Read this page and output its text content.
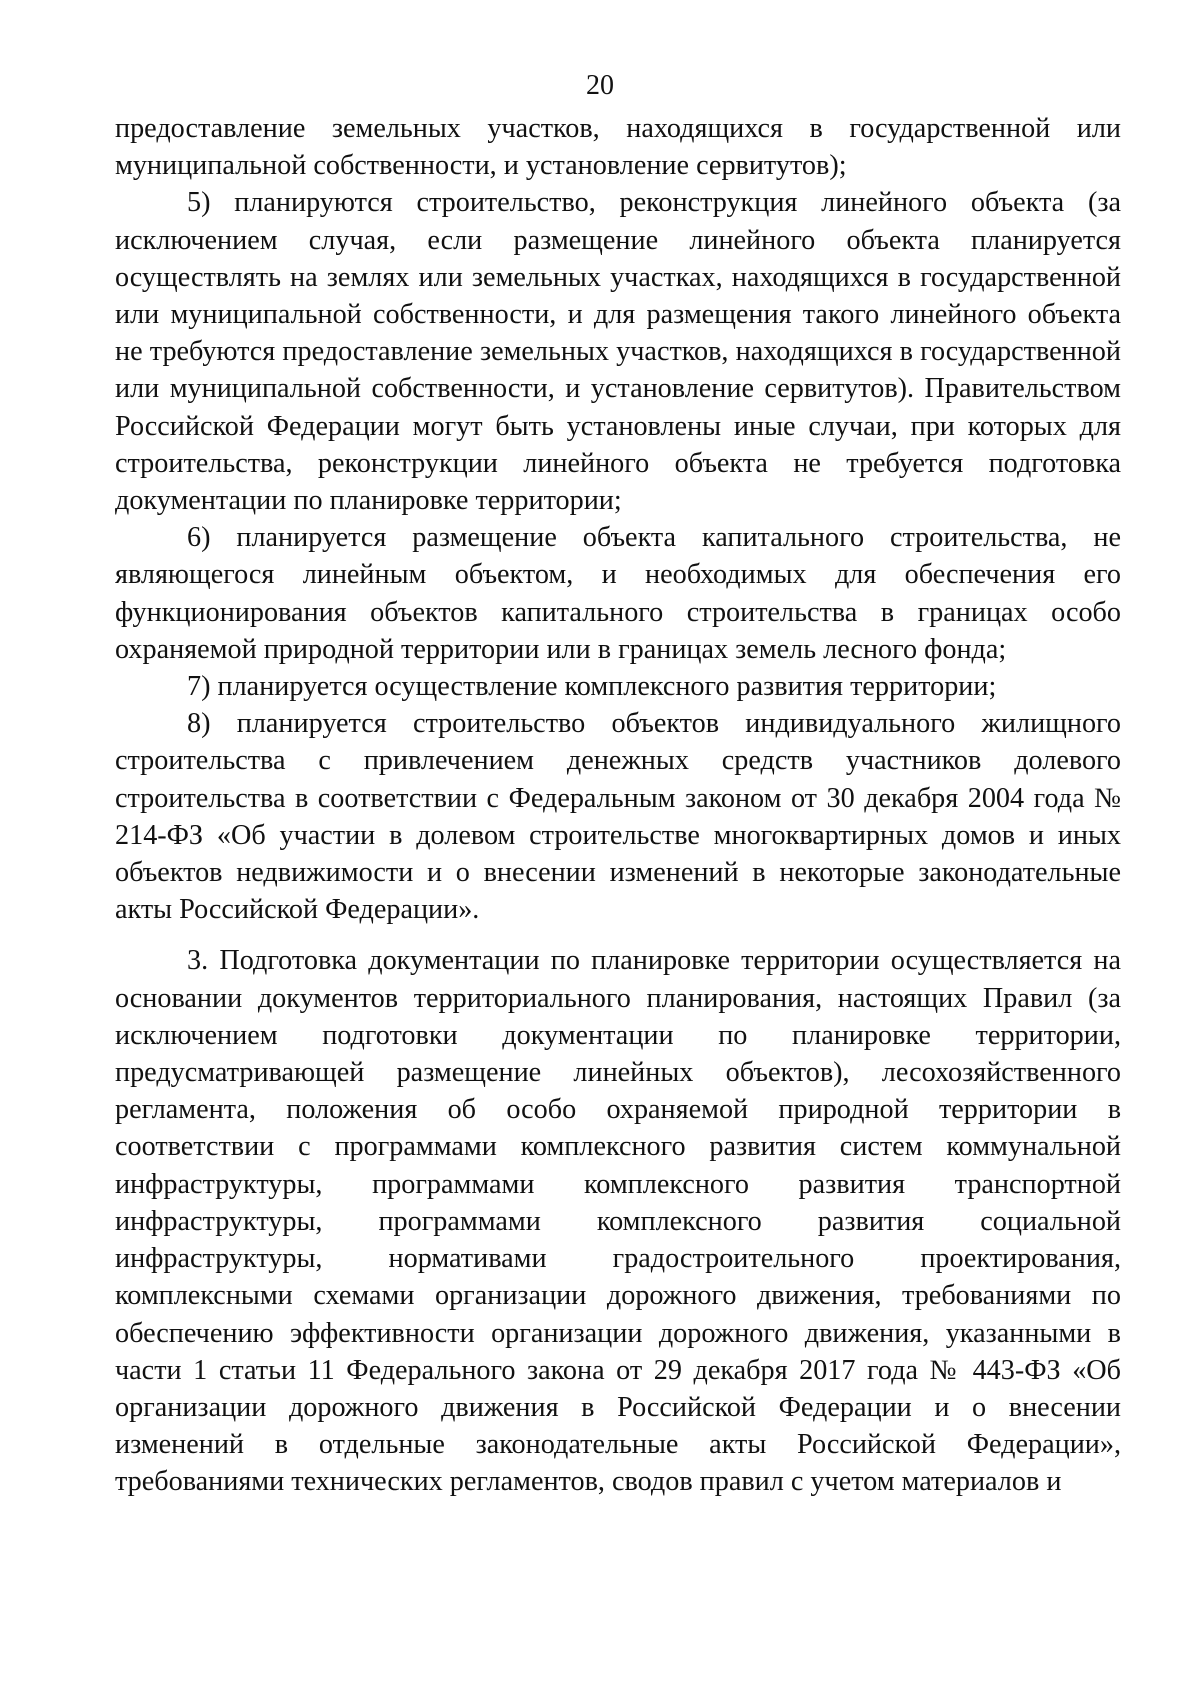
20

предоставление земельных участков, находящихся в государственной или муниципальной собственности, и установление сервитутов);

5) планируются строительство, реконструкция линейного объекта (за исключением случая, если размещение линейного объекта планируется осуществлять на землях или земельных участках, находящихся в государственной или муниципальной собственности, и для размещения такого линейного объекта не требуются предоставление земельных участков, находящихся в государственной или муниципальной собственности, и установление сервитутов). Правительством Российской Федерации могут быть установлены иные случаи, при которых для строительства, реконструкции линейного объекта не требуется подготовка документации по планировке территории;

6) планируется размещение объекта капитального строительства, не являющегося линейным объектом, и необходимых для обеспечения его функционирования объектов капитального строительства в границах особо охраняемой природной территории или в границах земель лесного фонда;

7) планируется осуществление комплексного развития территории;

8) планируется строительство объектов индивидуального жилищного строительства с привлечением денежных средств участников долевого строительства в соответствии с Федеральным законом от 30 декабря 2004 года № 214-ФЗ «Об участии в долевом строительстве многоквартирных домов и иных объектов недвижимости и о внесении изменений в некоторые законодательные акты Российской Федерации».

3. Подготовка документации по планировке территории осуществляется на основании документов территориального планирования, настоящих Правил (за исключением подготовки документации по планировке территории, предусматривающей размещение линейных объектов), лесохозяйственного регламента, положения об особо охраняемой природной территории в соответствии с программами комплексного развития систем коммунальной инфраструктуры, программами комплексного развития транспортной инфраструктуры, программами комплексного развития социальной инфраструктуры, нормативами градостроительного проектирования, комплексными схемами организации дорожного движения, требованиями по обеспечению эффективности организации дорожного движения, указанными в части 1 статьи 11 Федерального закона от 29 декабря 2017 года № 443-ФЗ «Об организации дорожного движения в Российской Федерации и о внесении изменений в отдельные законодательные акты Российской Федерации», требованиями технических регламентов, сводов правил с учетом материалов и
